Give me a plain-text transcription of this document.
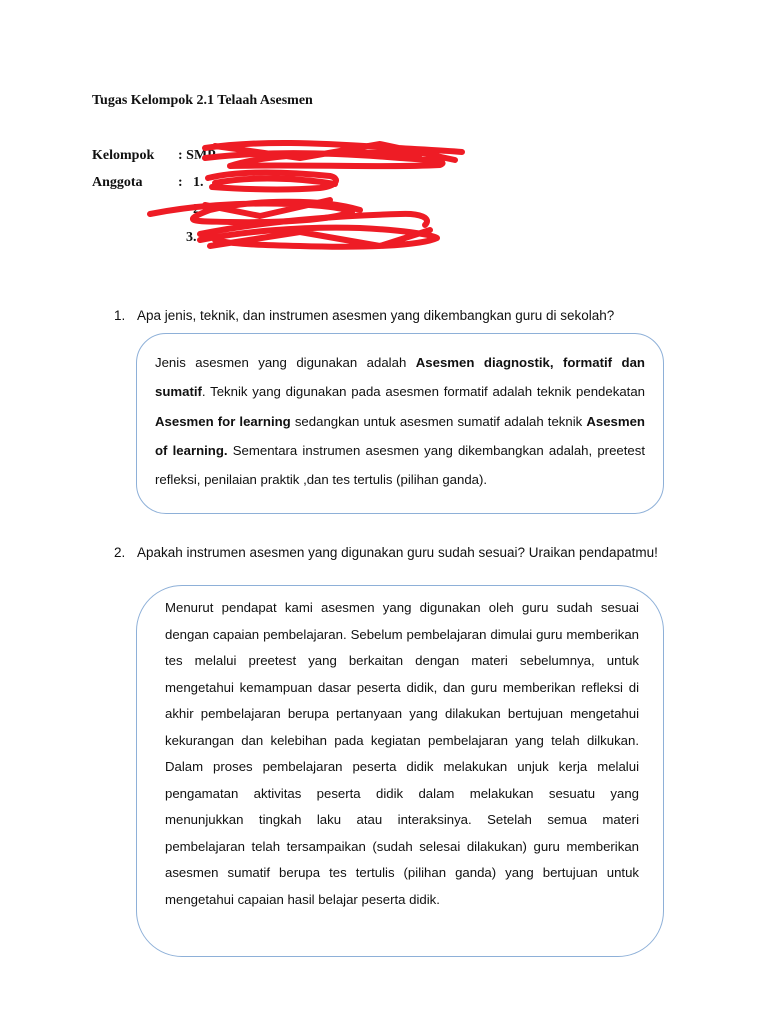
Tugas Kelompok 2.1 Telaah Asesmen
Kelompok	: SMP
Anggota	: 1.
2.
3.
1. Apa jenis, teknik, dan instrumen asesmen yang dikembangkan guru di sekolah?

Jenis asesmen yang digunakan adalah Asesmen diagnostik, formatif dan sumatif. Teknik yang digunakan pada asesmen formatif adalah teknik pendekatan Asesmen for learning sedangkan untuk asesmen sumatif adalah teknik Asesmen of learning. Sementara instrumen asesmen yang dikembangkan adalah, preetest refleksi, penilaian praktik ,dan tes tertulis (pilihan ganda).

2. Apakah instrumen asesmen yang digunakan guru sudah sesuai? Uraikan pendapatmu!

Menurut pendapat kami asesmen yang digunakan oleh guru sudah sesuai dengan capaian pembelajaran. Sebelum pembelajaran dimulai guru memberikan tes melalui preetest yang berkaitan dengan materi sebelumnya, untuk mengetahui kemampuan dasar peserta didik, dan guru memberikan refleksi di akhir pembelajaran berupa pertanyaan yang dilakukan bertujuan mengetahui kekurangan dan kelebihan pada kegiatan pembelajaran yang telah dilkukan. Dalam proses pembelajaran peserta didik melakukan unjuk kerja melalui pengamatan aktivitas peserta didik dalam melakukan sesuatu yang menunjukkan tingkah laku atau interaksinya. Setelah semua materi pembelajaran telah tersampaikan (sudah selesai dilakukan) guru memberikan asesmen sumatif berupa tes tertulis (pilihan ganda) yang bertujuan untuk mengetahui capaian hasil belajar peserta didik.
